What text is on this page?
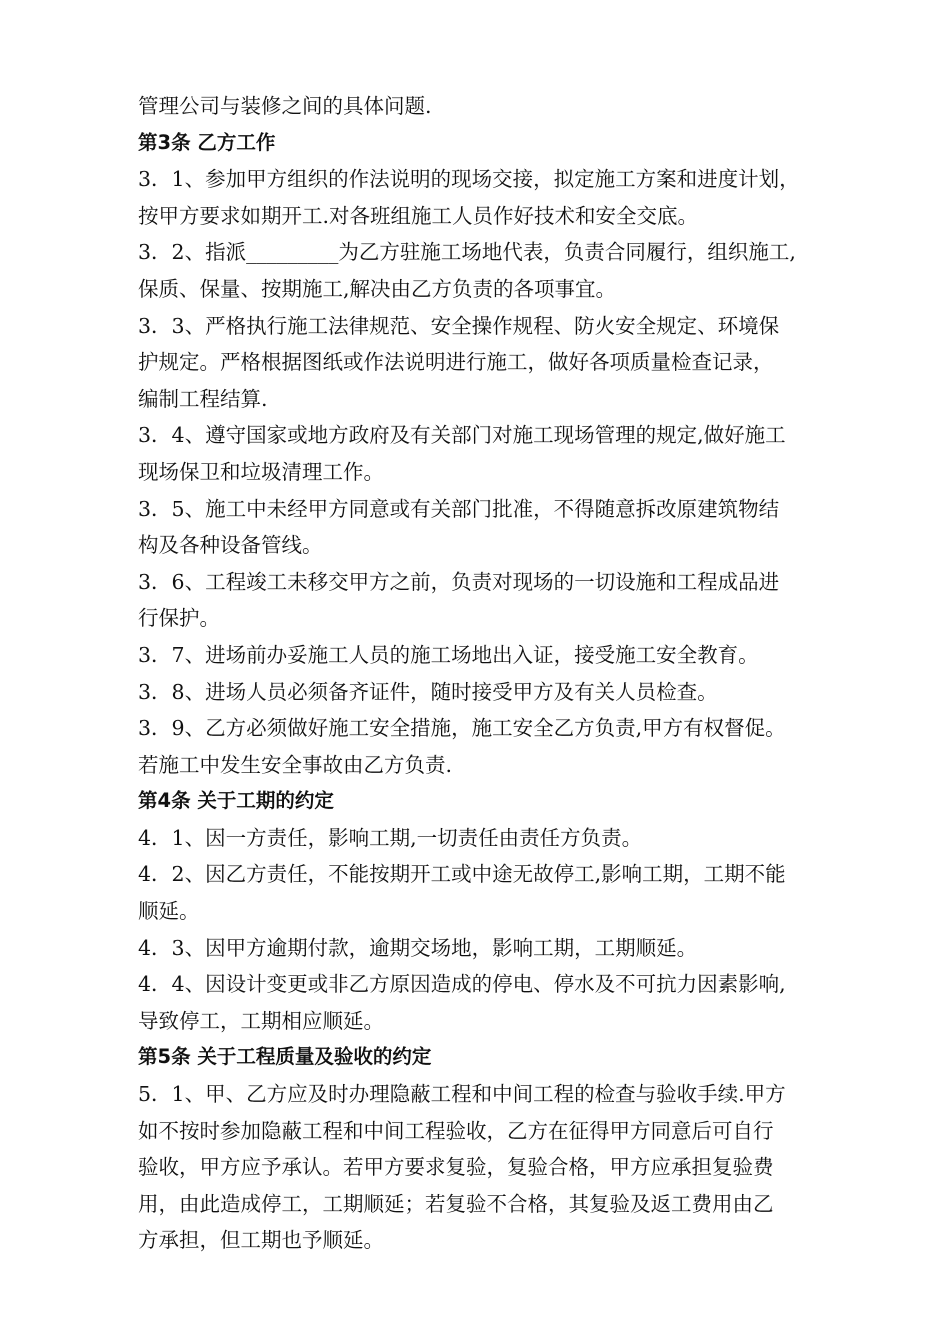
管理公司与装修之间的具体问题.
第3条 乙方工作
3．1、参加甲方组织的作法说明的现场交接，拟定施工方案和进度计划，
按甲方要求如期开工.对各班组施工人员作好技术和安全交底。
3．2、指派_________为乙方驻施工场地代表，负责合同履行，组织施工,
保质、保量、按期施工,解决由乙方负责的各项事宜。
3．3、严格执行施工法律规范、安全操作规程、防火安全规定、环境保
护规定。严格根据图纸或作法说明进行施工，做好各项质量检查记录，
编制工程结算.
3．4、遵守国家或地方政府及有关部门对施工现场管理的规定,做好施工
现场保卫和垃圾清理工作。
3．5、施工中未经甲方同意或有关部门批准，不得随意拆改原建筑物结
构及各种设备管线。
3．6、工程竣工未移交甲方之前，负责对现场的一切设施和工程成品进
行保护。
3．7、进场前办妥施工人员的施工场地出入证，接受施工安全教育。
3．8、进场人员必须备齐证件，随时接受甲方及有关人员检查。
3．9、乙方必须做好施工安全措施，施工安全乙方负责,甲方有权督促。
若施工中发生安全事故由乙方负责.
第4条 关于工期的约定
4．1、因一方责任，影响工期,一切责任由责任方负责。
4．2、因乙方责任，不能按期开工或中途无故停工,影响工期，工期不能
顺延。
4．3、因甲方逾期付款，逾期交场地，影响工期，工期顺延。
4．4、因设计变更或非乙方原因造成的停电、停水及不可抗力因素影响,
导致停工，工期相应顺延。
第5条 关于工程质量及验收的约定
5．1、甲、乙方应及时办理隐蔽工程和中间工程的检查与验收手续.甲方
如不按时参加隐蔽工程和中间工程验收，乙方在征得甲方同意后可自行
验收，甲方应予承认。若甲方要求复验，复验合格，甲方应承担复验费
用，由此造成停工，工期顺延；若复验不合格，其复验及返工费用由乙
方承担，但工期也予顺延。
